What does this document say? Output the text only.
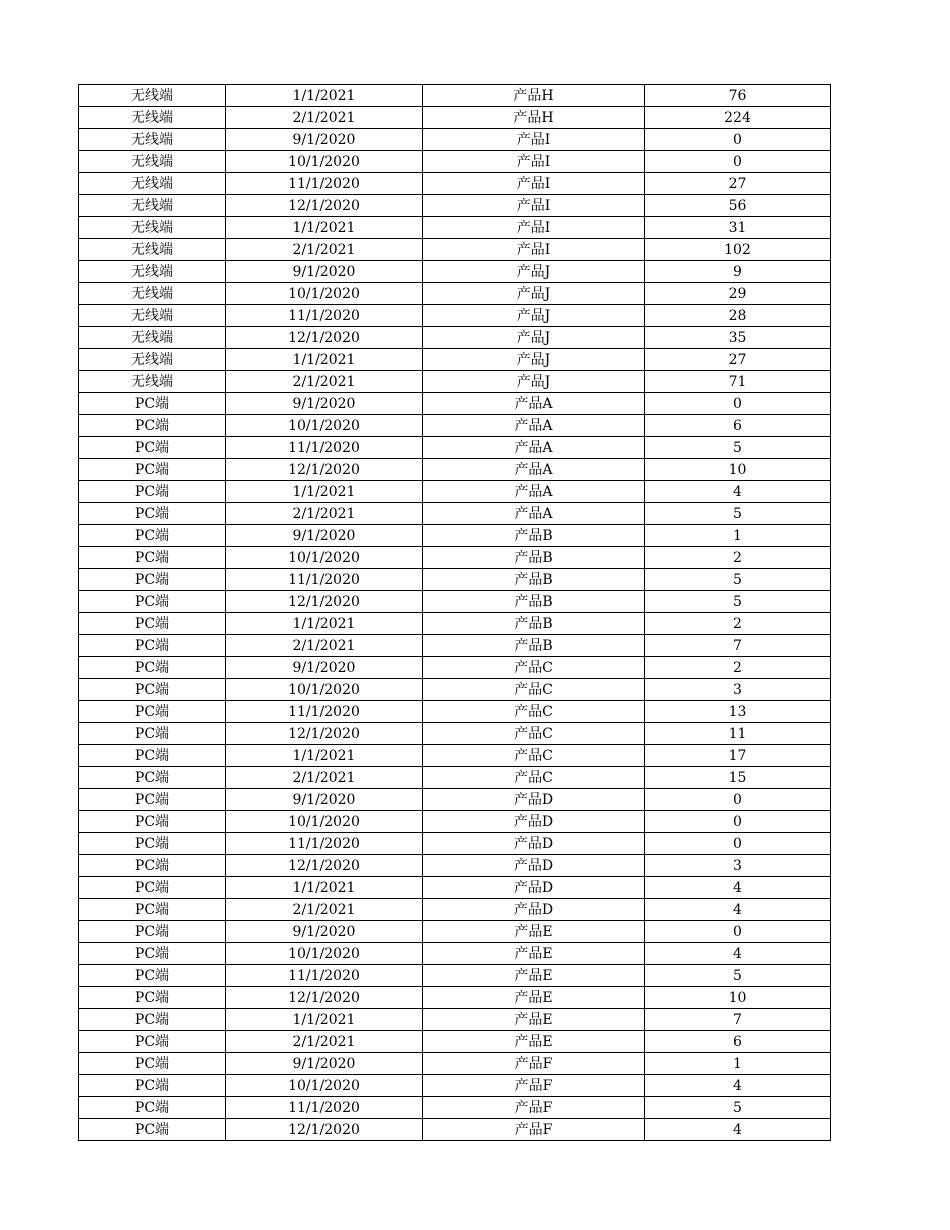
无线端	1/1/2021	产品H	76
无线端	2/1/2021	产品H	224
无线端	9/1/2020	产品I	0
无线端	10/1/2020	产品I	0
无线端	11/1/2020	产品I	27
无线端	12/1/2020	产品I	56
无线端	1/1/2021	产品I	31
无线端	2/1/2021	产品I	102
无线端	9/1/2020	产品J	9
无线端	10/1/2020	产品J	29
无线端	11/1/2020	产品J	28
无线端	12/1/2020	产品J	35
无线端	1/1/2021	产品J	27
无线端	2/1/2021	产品J	71
PC端	9/1/2020	产品A	0
PC端	10/1/2020	产品A	6
PC端	11/1/2020	产品A	5
PC端	12/1/2020	产品A	10
PC端	1/1/2021	产品A	4
PC端	2/1/2021	产品A	5
PC端	9/1/2020	产品B	1
PC端	10/1/2020	产品B	2
PC端	11/1/2020	产品B	5
PC端	12/1/2020	产品B	5
PC端	1/1/2021	产品B	2
PC端	2/1/2021	产品B	7
PC端	9/1/2020	产品C	2
PC端	10/1/2020	产品C	3
PC端	11/1/2020	产品C	13
PC端	12/1/2020	产品C	11
PC端	1/1/2021	产品C	17
PC端	2/1/2021	产品C	15
PC端	9/1/2020	产品D	0
PC端	10/1/2020	产品D	0
PC端	11/1/2020	产品D	0
PC端	12/1/2020	产品D	3
PC端	1/1/2021	产品D	4
PC端	2/1/2021	产品D	4
PC端	9/1/2020	产品E	0
PC端	10/1/2020	产品E	4
PC端	11/1/2020	产品E	5
PC端	12/1/2020	产品E	10
PC端	1/1/2021	产品E	7
PC端	2/1/2021	产品E	6
PC端	9/1/2020	产品F	1
PC端	10/1/2020	产品F	4
PC端	11/1/2020	产品F	5
PC端	12/1/2020	产品F	4
